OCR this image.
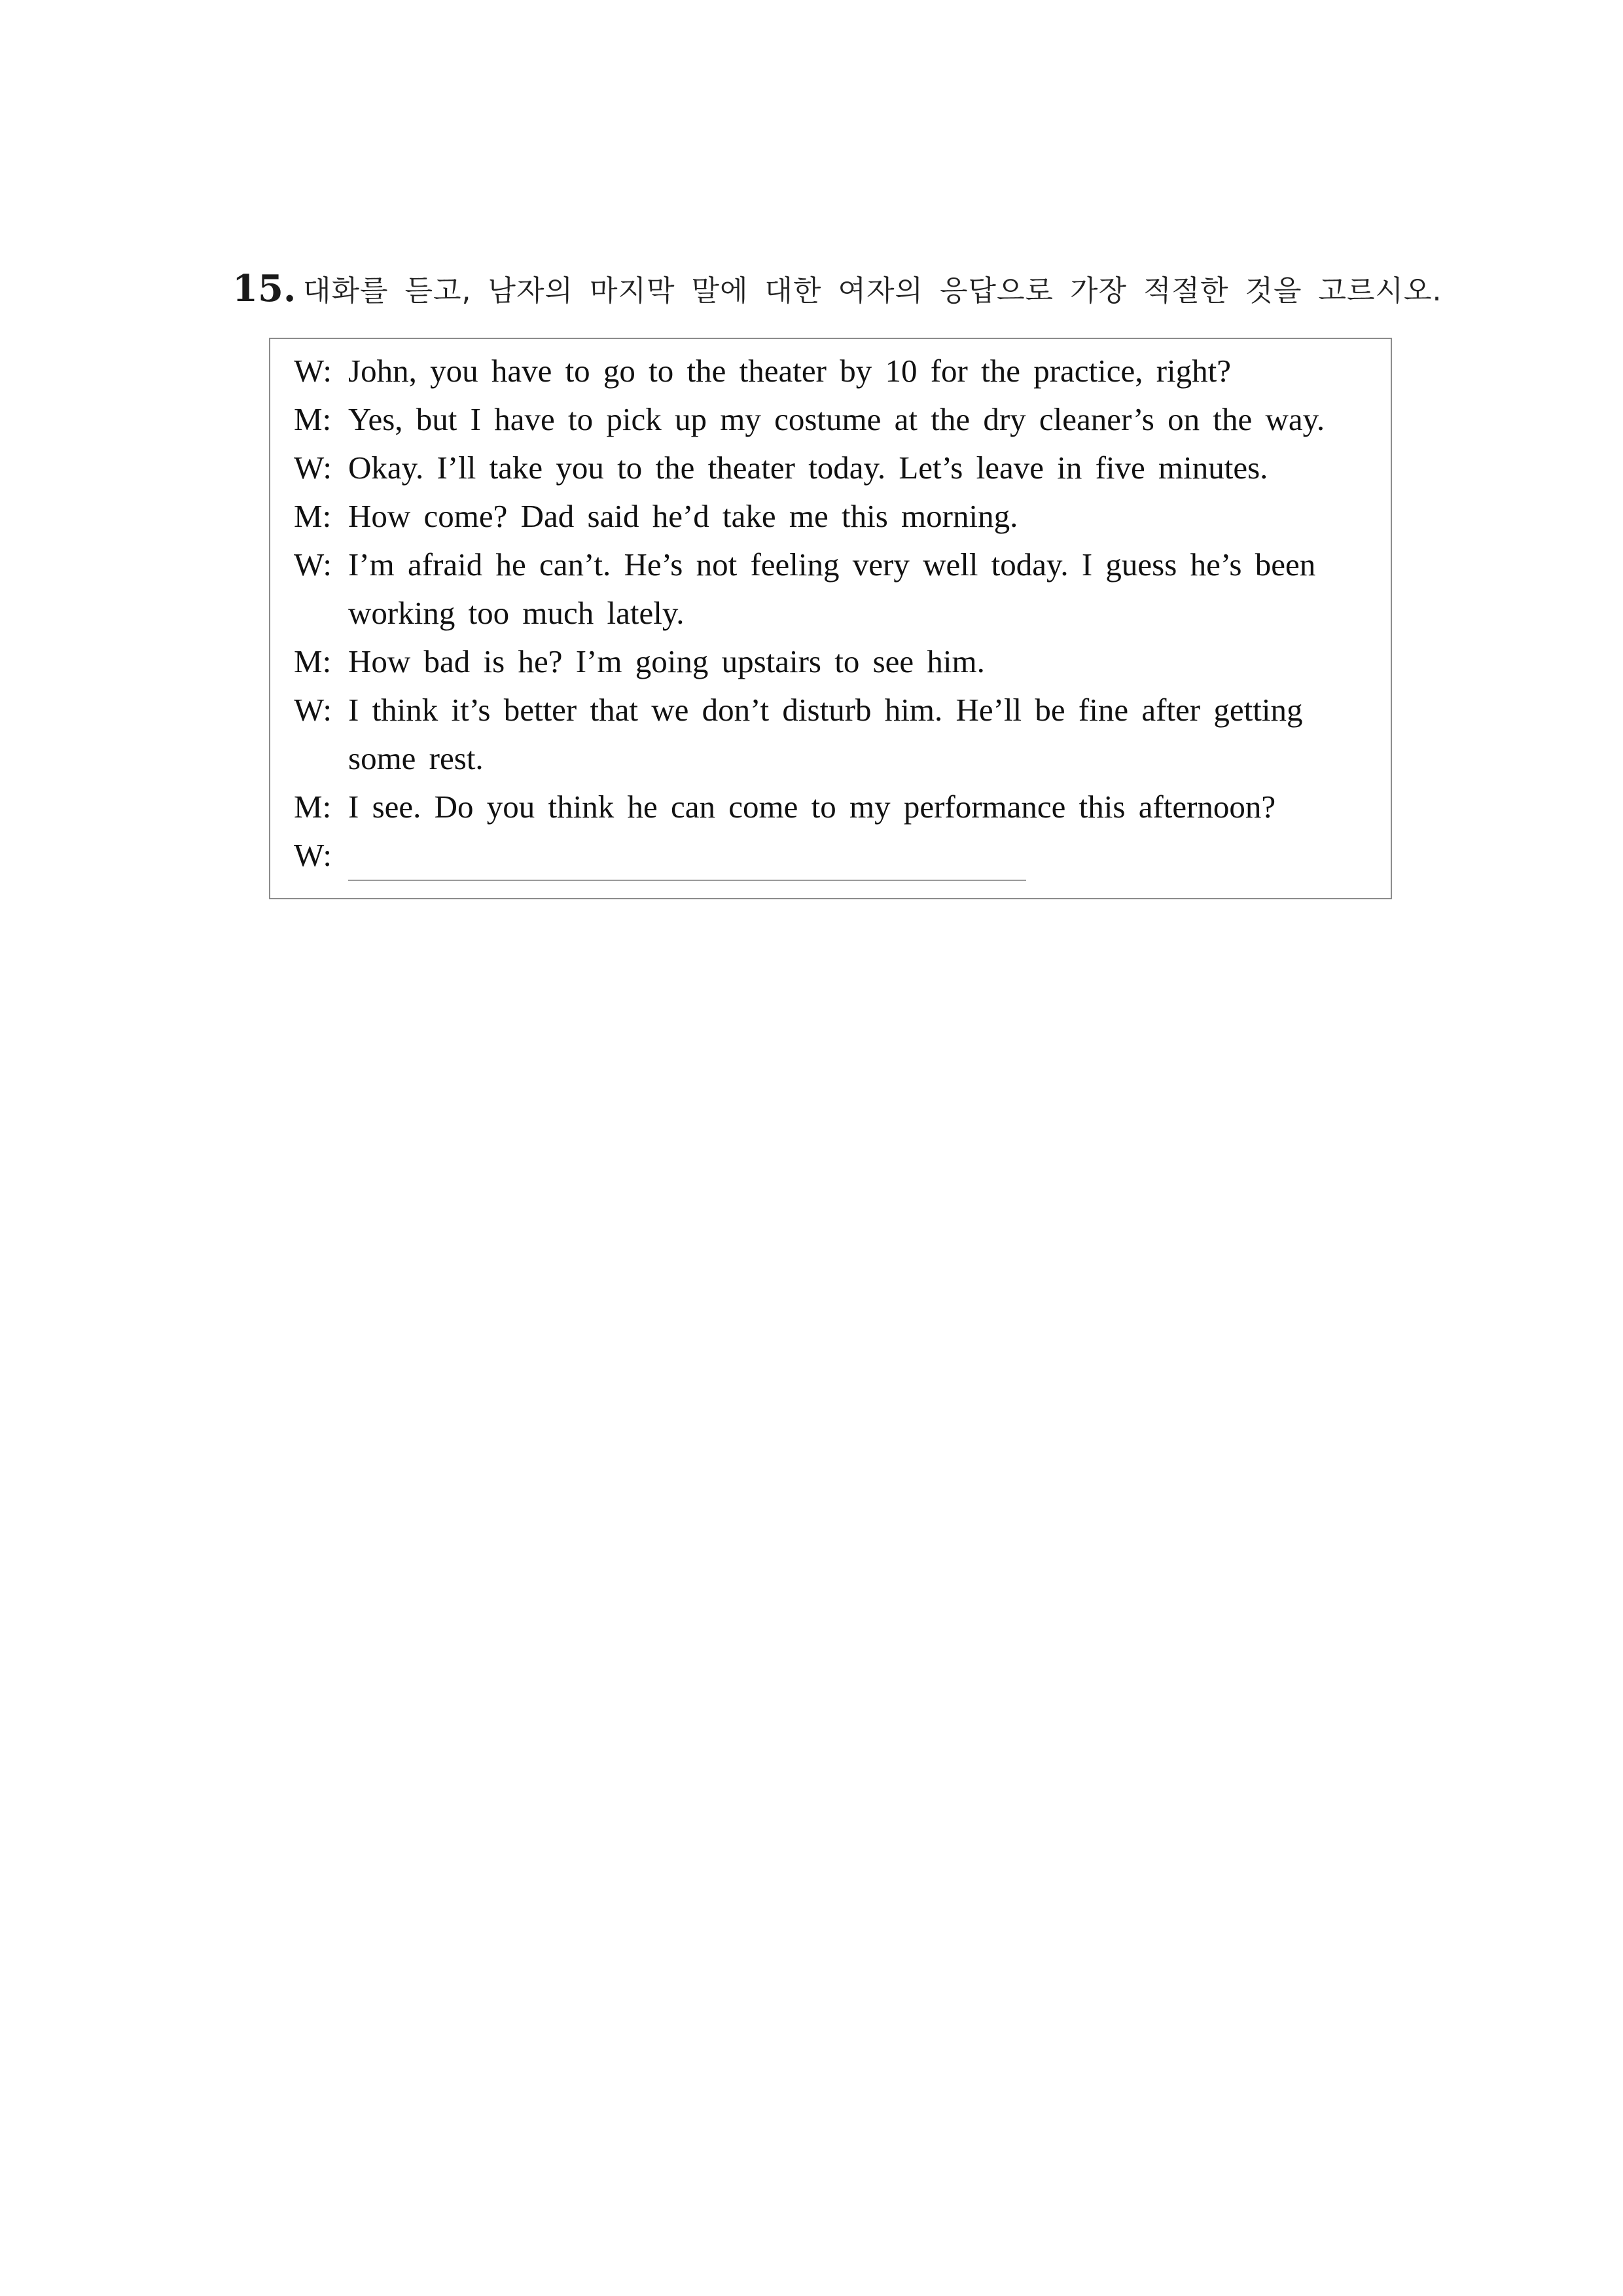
15. 대화를 듣고, 남자의 마지막 말에 대한 여자의 응답으로 가장 적절한 것을 고르시오.
W: John, you have to go to the theater by 10 for the practice, right?
M: Yes, but I have to pick up my costume at the dry cleaner’s on the way.
W: Okay. I’ll take you to the theater today. Let’s leave in five minutes.
M: How come? Dad said he’d take me this morning.
W: I’m afraid he can’t. He’s not feeling very well today. I guess he’s been
working too much lately.
M: How bad is he? I’m going upstairs to see him.
W: I think it’s better that we don’t disturb him. He’ll be fine after getting
some rest.
M: I see. Do you think he can come to my performance this afternoon?
W:
